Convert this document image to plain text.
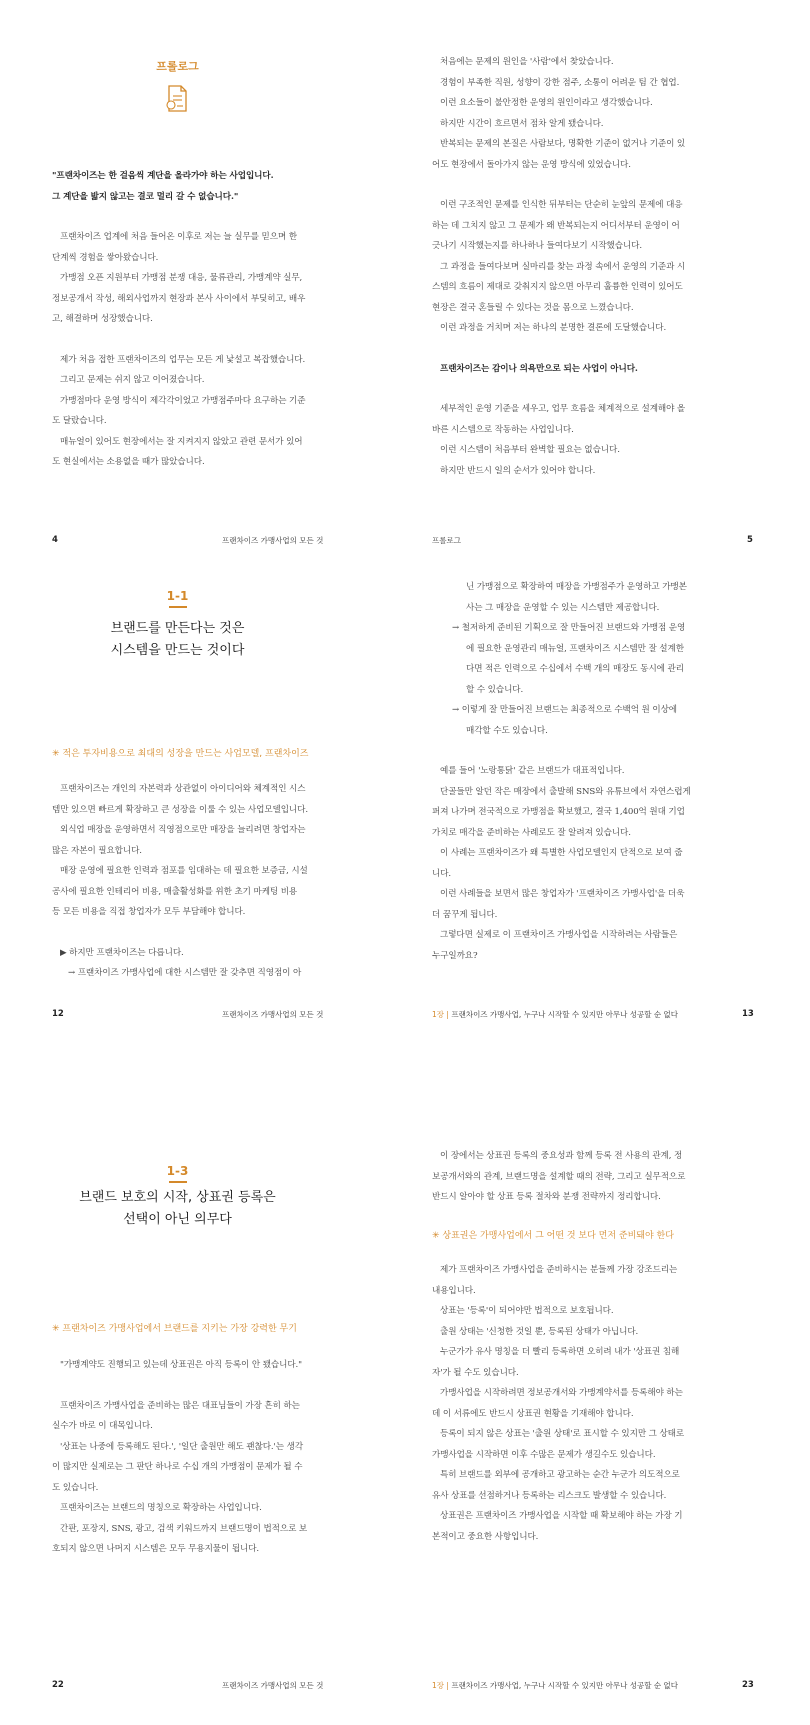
프롤로그

"프랜차이즈는 한 걸음씩 계단을 올라가야 하는 사업입니다.

그 계단을 밟지 않고는 결코 멀리 갈 수 없습니다."

프랜차이즈 업계에 처음 들어온 이후로 저는 늘 실무를 믿으며 한

단계씩 경험을 쌓아왔습니다.

가맹점 오픈 지원부터 가맹점 분쟁 대응, 물류관리, 가맹계약 실무,

정보공개서 작성, 해외사업까지 현장과 본사 사이에서 부딪히고, 배우

고, 해결하며 성장했습니다.

제가 처음 접한 프랜차이즈의 업무는 모든 게 낯설고 복잡했습니다.

그리고 문제는 쉬지 않고 이어졌습니다.

가맹점마다 운영 방식이 제각각이었고 가맹점주마다 요구하는 기준

도 달랐습니다.

매뉴얼이 있어도 현장에서는 잘 지켜지지 않았고 관련 문서가 있어

도 현실에서는 소용없을 때가 많았습니다.

4	프랜차이즈 가맹사업의 모든 것

처음에는 문제의 원인을 '사람'에서 찾았습니다.

경험이 부족한 직원, 성향이 강한 점주, 소통이 어려운 팀 간 협업.

이런 요소들이 불안정한 운영의 원인이라고 생각했습니다.

하지만 시간이 흐르면서 점차 알게 됐습니다.

반복되는 문제의 본질은 사람보다, 명확한 기준이 없거나 기준이 있

어도 현장에서 돌아가지 않는 운영 방식에 있었습니다.

이런 구조적인 문제를 인식한 뒤부터는 단순히 눈앞의 문제에 대응

하는 데 그치지 않고 그 문제가 왜 반복되는지 어디서부터 운영이 어

긋나기 시작했는지를 하나하나 들여다보기 시작했습니다.

그 과정을 들여다보며 실마리를 찾는 과정 속에서 운영의 기준과 시

스템의 흐름이 제대로 갖춰지지 않으면 아무리 훌륭한 인력이 있어도

현장은 결국 혼들릴 수 있다는 것을 몸으로 느꼈습니다.

이런 과정을 거치며 저는 하나의 분명한 결론에 도달했습니다.

프랜차이즈는 감이나 의욕만으로 되는 사업이 아니다.

세부적인 운영 기준을 세우고, 업무 흐름을 체계적으로 설계해야 올

바른 시스템으로 작동하는 사업입니다.

이런 시스템이 처음부터 완벽할 필요는 없습니다.

하지만 반드시 일의 순서가 있어야 합니다.

프롤로그	5
1-1
브랜드를 만든다는 것은
시스템을 만드는 것이다
✳ 적은 투자비용으로 최대의 성장을 만드는 사업모델, 프랜차이즈

프랜차이즈는 개인의 자본력과 상관없이 아이디어와 체계적인 시스

템만 있으면 빠르게 확장하고 큰 성장을 이룰 수 있는 사업모델입니다.

외식업 매장을 운영하면서 직영점으로만 매장을 늘리려면 창업자는

많은 자본이 필요합니다.

매장 운영에 필요한 인력과 점포를 임대하는 데 필요한 보증금, 시설

공사에 필요한 인테리어 비용, 매출활성화를 위한 초기 마케팅 비용

등 모든 비용을 직접 창업자가 모두 부담해야 합니다.

▶ 하지만 프랜차이즈는 다릅니다.

→ 프랜차이즈 가맹사업에 대한 시스템만 잘 갖추면 직영점이 아

12	프랜차이즈 가맹사업의 모든 것

닌 가맹점으로 확장하여 매장을 가맹점주가 운영하고 가맹본

사는 그 매장을 운영할 수 있는 시스템만 제공합니다.

→ 철저하게 준비된 기획으로 잘 만들어진 브랜드와 가맹점 운영

에 필요한 운영관리 매뉴얼, 프랜차이즈 시스템만 잘 설계한

다면 적은 인력으로 수십에서 수백 개의 매장도 동시에 관리

할 수 있습니다.

→ 이렇게 잘 만들어진 브랜드는 최종적으로 수백억 원 이상에

매각할 수도 있습니다.

예를 들어 '노랑통닭' 같은 브랜드가 대표적입니다.

단골들만 알던 작은 매장에서 출발해 SNS와 유튜브에서 자연스럽게

퍼져 나가며 전국적으로 가맹점을 확보했고, 결국 1,400억 원대 기업

가치로 매각을 준비하는 사례로도 잘 알려져 있습니다.

이 사례는 프랜차이즈가 왜 특별한 사업모델인지 단적으로 보여 줍

니다.

이런 사례들을 보면서 많은 창업자가 '프랜차이즈 가맹사업'을 더욱

더 꿈꾸게 됩니다.

그렇다면 실제로 이 프랜차이즈 가맹사업을 시작하려는 사람들은

누구일까요?

1장 | 프랜차이즈 가맹사업, 누구나 시작할 수 있지만 아무나 성공할 순 없다	13
1-3
브랜드 보호의 시작, 상표권 등록은
선택이 아닌 의무다
✳ 프랜차이즈 가맹사업에서 브랜드를 지키는 가장 강력한 무기

"가맹계약도 진행되고 있는데 상표권은 아직 등록이 안 됐습니다."

프랜차이즈 가맹사업을 준비하는 많은 대표님들이 가장 흔히 하는

실수가 바로 이 대목입니다.

'상표는 나중에 등록해도 된다.', '일단 출원만 해도 괜찮다.'는 생각

이 많지만 실제로는 그 판단 하나로 수십 개의 가맹점이 문제가 될 수

도 있습니다.

프랜차이즈는 브랜드의 명칭으로 확장하는 사업입니다.

간판, 포장지, SNS, 광고, 검색 키워드까지 브랜드명이 법적으로 보

호되지 않으면 나머지 시스템은 모두 무용지물이 됩니다.

22	프랜차이즈 가맹사업의 모든 것

이 장에서는 상표권 등록의 중요성과 함께 등록 전 사용의 관계, 정

보공개서와의 관계, 브랜드명을 설계할 때의 전략, 그리고 실무적으로

반드시 알아야 할 상표 등록 절차와 분쟁 전략까지 정리합니다.

✳ 상표권은 가맹사업에서 그 어떤 것 보다 먼저 준비돼야 한다

제가 프랜차이즈 가맹사업을 준비하시는 분들께 가장 강조드리는

내용입니다.

상표는 '등록'이 되어야만 법적으로 보호됩니다.

출원 상태는 '신청한 것일 뿐, 등록된 상태가 아닙니다.

누군가가 유사 명칭을 더 빨리 등록하면 오히려 내가 '상표권 침해

자'가 될 수도 있습니다.

가맹사업을 시작하려면 정보공개서와 가맹계약서를 등록해야 하는

데 이 서류에도 반드시 상표권 현황을 기재해야 합니다.

등록이 되지 않은 상표는 '출원 상태'로 표시할 수 있지만 그 상태로

가맹사업을 시작하면 이후 수많은 문제가 생길수도 있습니다.

특히 브랜드를 외부에 공개하고 광고하는 순간 누군가 의도적으로

유사 상표를 선점하거나 등록하는 리스크도 발생할 수 있습니다.

상표권은 프랜차이즈 가맹사업을 시작할 때 확보해야 하는 가장 기

본적이고 중요한 사항입니다.

1장 | 프랜차이즈 가맹사업, 누구나 시작할 수 있지만 아무나 성공할 순 없다	23
